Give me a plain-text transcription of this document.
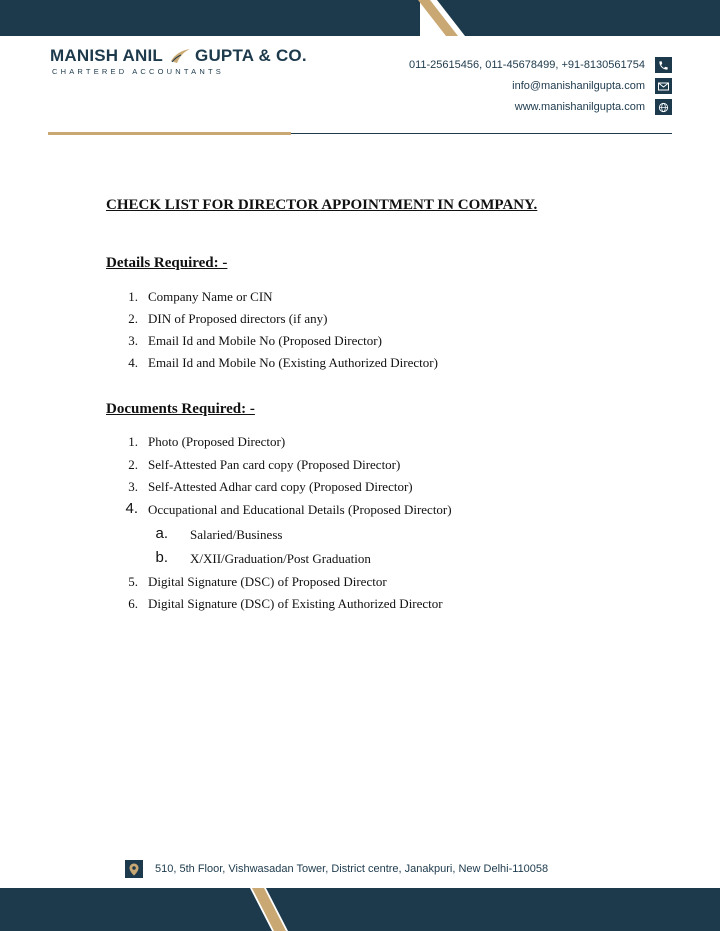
MANISH ANIL GUPTA & CO.
CHARTERED ACCOUNTANTS
011-25615456, 011-45678499, +91-8130561754
info@manishanilgupta.com
www.manishanilgupta.com
CHECK LIST FOR DIRECTOR APPOINTMENT IN COMPANY.
Details Required: -
1. Company Name or CIN
2. DIN of Proposed directors (if any)
3. Email Id and Mobile No (Proposed Director)
4. Email Id and Mobile No (Existing Authorized Director)
Documents Required: -
1. Photo (Proposed Director)
2. Self-Attested Pan card copy (Proposed Director)
3. Self-Attested Adhar card copy (Proposed Director)
4. Occupational and Educational Details (Proposed Director)
a. Salaried/Business
b. X/XII/Graduation/Post Graduation
5. Digital Signature (DSC) of Proposed Director
6. Digital Signature (DSC) of Existing Authorized Director
510, 5th Floor, Vishwasadan Tower, District centre, Janakpuri, New Delhi-110058
